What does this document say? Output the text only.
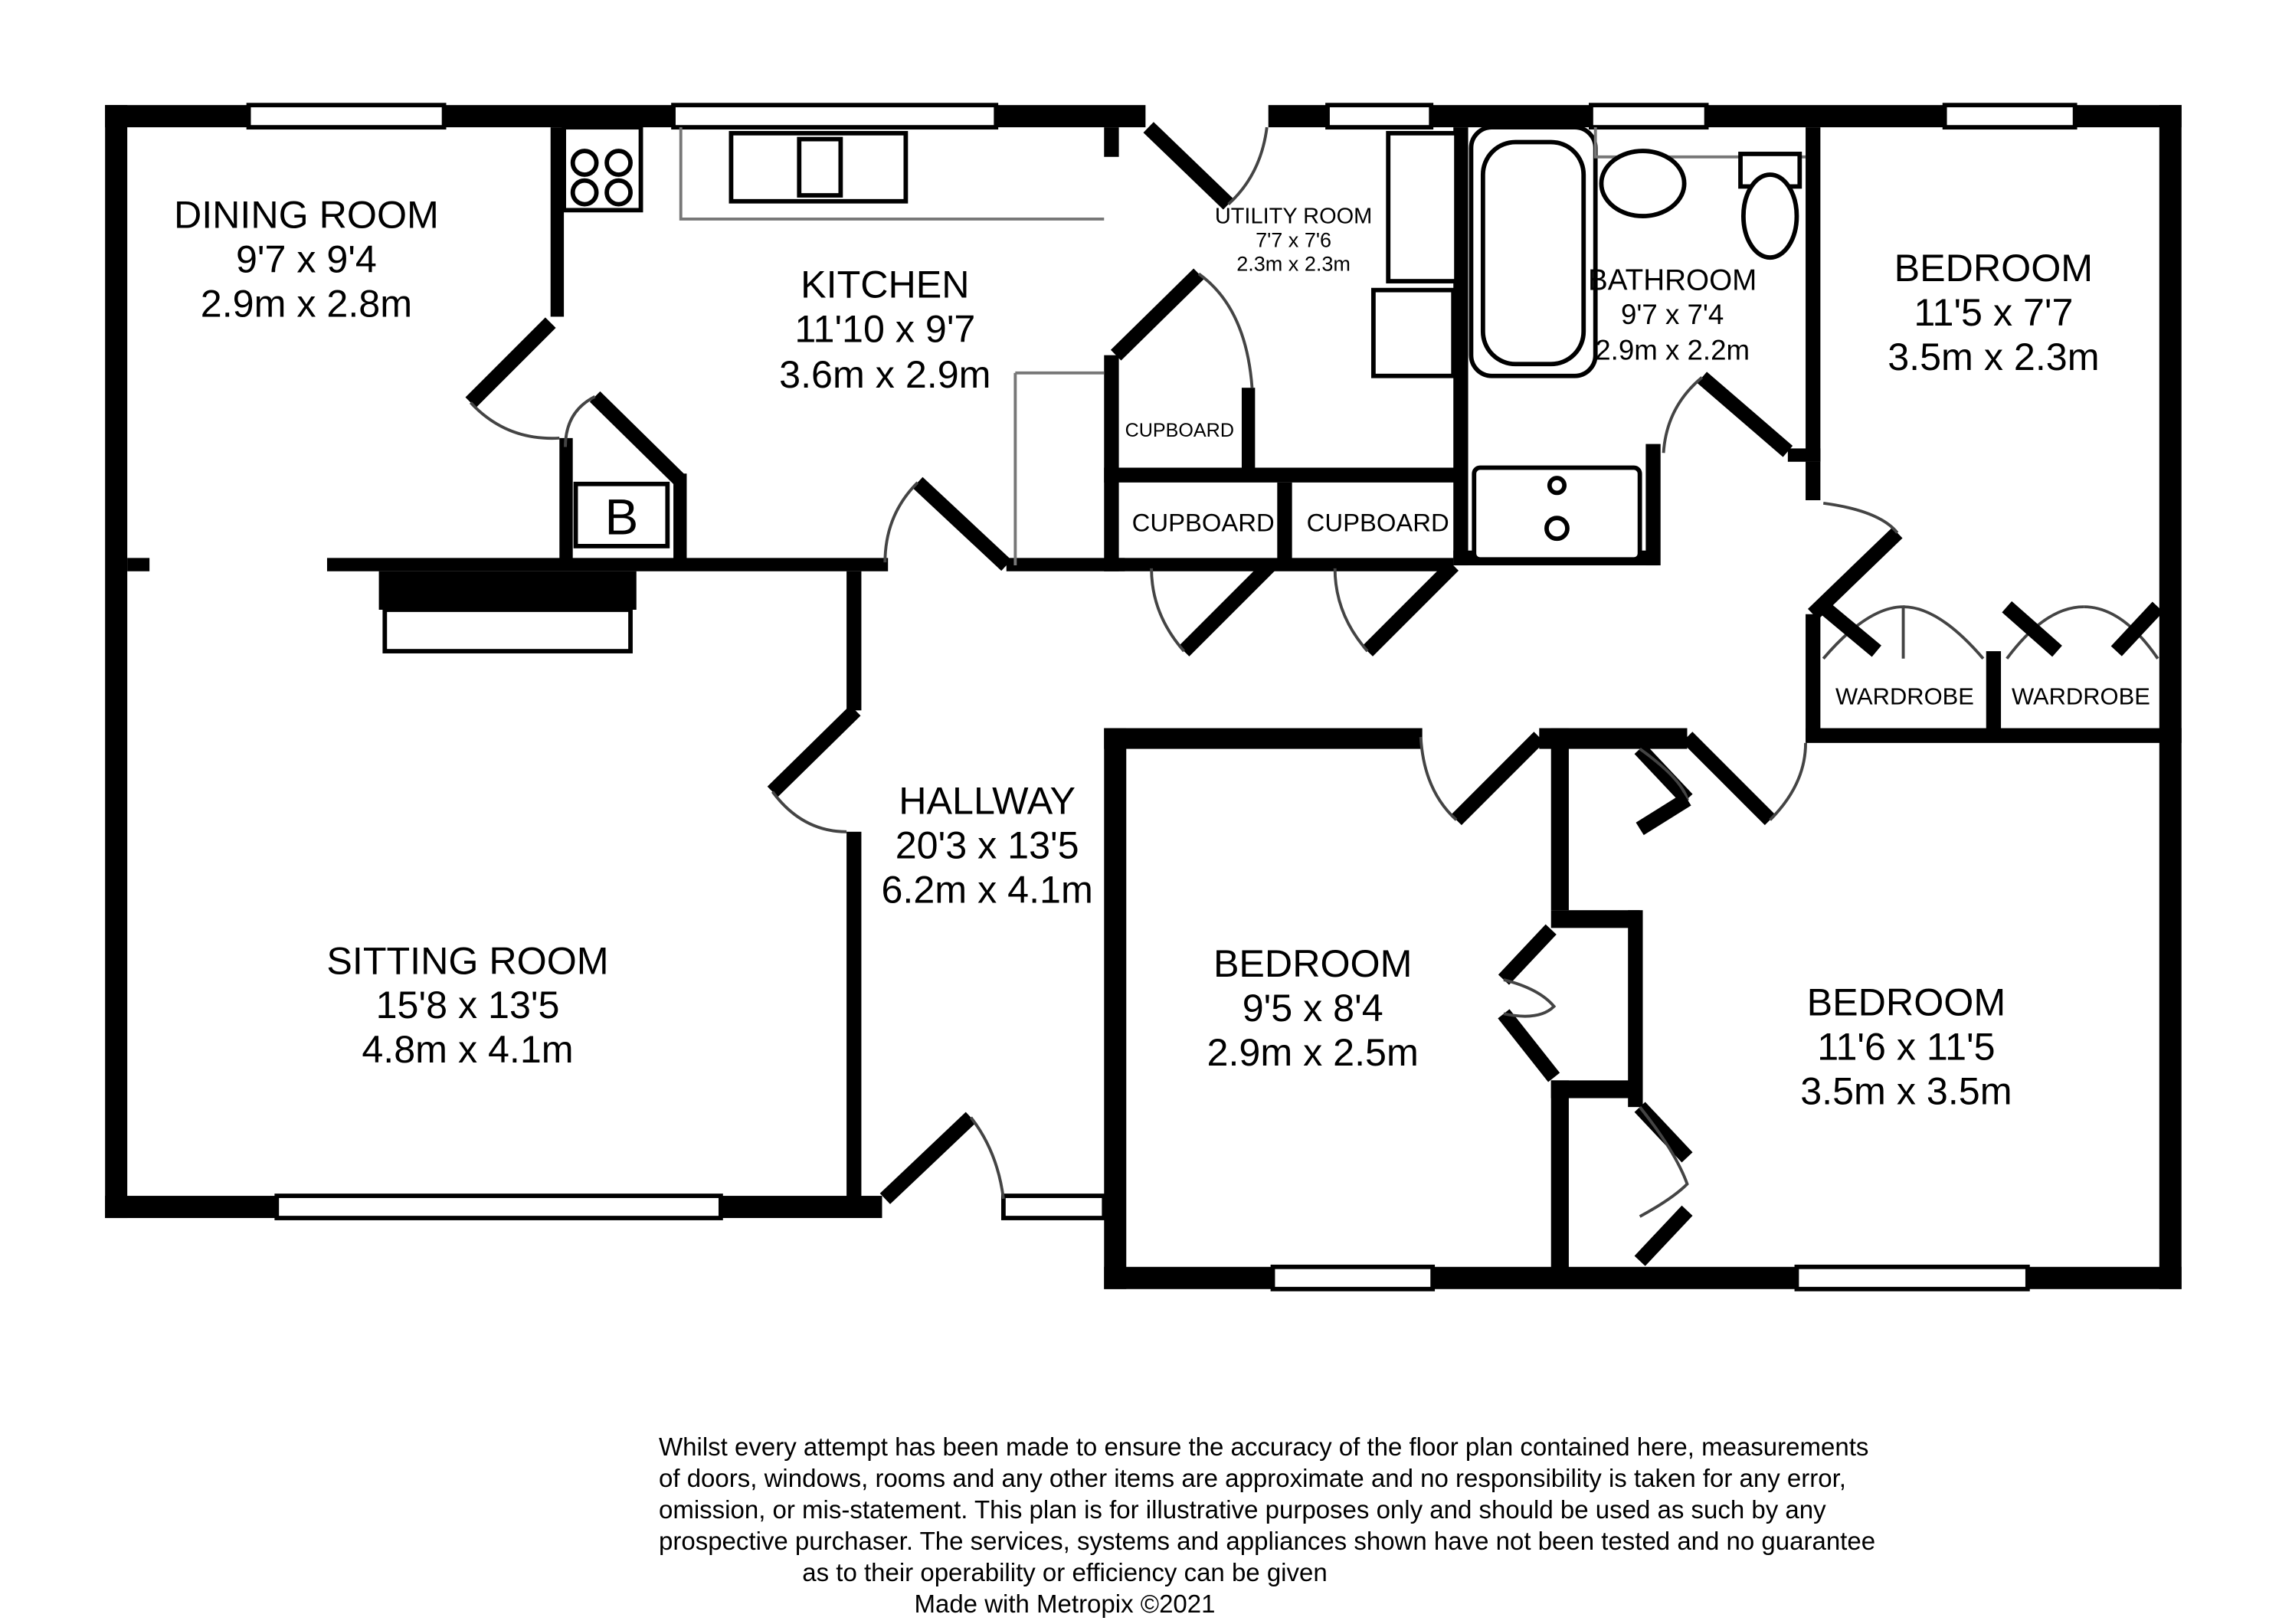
B
DINING ROOM
9'7 x 9'4
2.9m x 2.8m	KITCHEN
11'10 x 9'7
3.6m x 2.9m
UTILITY ROOM
7'7 x 7'6
2.3m x 2.3m
BATHROOM
9'7 x 7'4
2.9m x 2.2m
BEDROOM
11'5 x 7'7
3.5m x 2.3m
HALLWAY
20'3 x 13'5
6.2m x 4.1m
SITTING ROOM
15'8 x 13'5
4.8m x 4.1m
BEDROOM
9'5 x 8'4
2.9m x 2.5m
BEDROOM
11'6 x 11'5
3.5m x 3.5m
CUPBOARD
CUPBOARD CUPBOARD
WARDROBE	WARDROBE
Whilst every attempt has been made to ensure the accuracy of the floor plan contained here, measurements
of doors, windows, rooms and any other items are approximate and no responsibility is taken for any error,
omission, or mis-statement. This plan is for illustrative purposes only and should be used as such by any
prospective purchaser. The services, systems and appliances shown have not been tested and no guarantee
as to their operability or efficiency can be given
Made with Metropix ©2021
